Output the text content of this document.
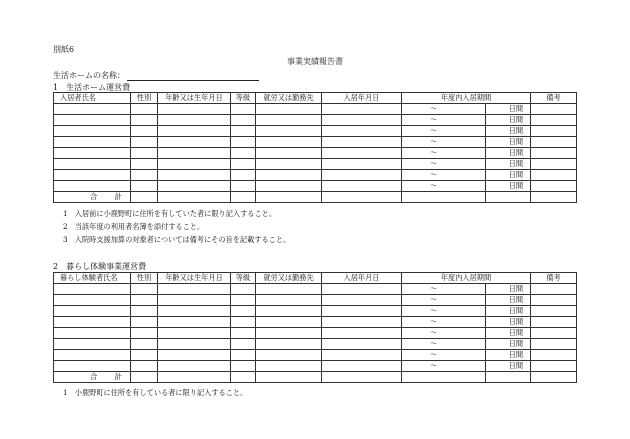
別紙6
事業実績報告書
生活ホームの名称：
1　生活ホーム運営費
入居者氏名	性別	年齢又は生年月日	等級	就労又は勤務先	入居年月日	年度内入居期間		備考
						～	日間	
						～	日間	
						～	日間	
						～	日間	
						～	日間	
						～	日間	
						～	日間	
						～	日間	
合　　計								
1　入居前に小鹿野町に住所を有していた者に限り記入すること。
2　当該年度の利用者名簿を添付すること。
3　入院時支援加算の対象者については備考にその旨を記載すること。
2　暮らし体験事業運営費
暮らし体験者氏名	性別	年齢又は生年月日	等級	就労又は勤務先	入居年月日	年度内入居期間		備考
						～	日間	
						～	日間	
						～	日間	
						～	日間	
						～	日間	
						～	日間	
						～	日間	
						～	日間	
合　　計								
1　小鹿野町に住所を有している者に限り記入すること。
